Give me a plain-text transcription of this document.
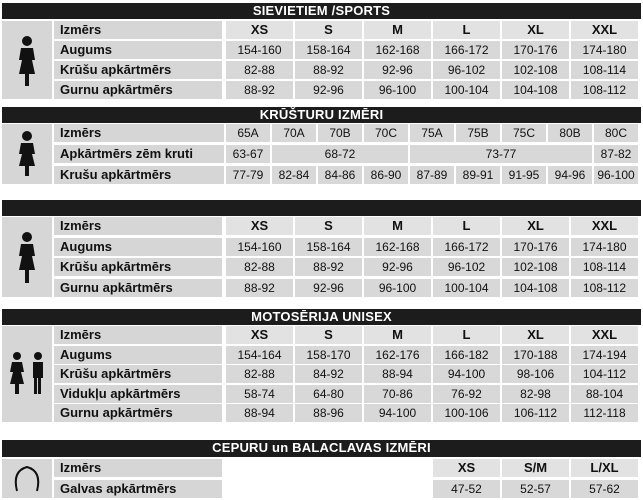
SIEVIETIEM /SPORTS
Izmērs	XS	S	M	L	XL	XXL
Augums	154-160	158-164	162-168	166-172	170-176	174-180
Krūšu apkārtmērs	82-88	88-92	92-96	96-102	102-108	108-114
Gurnu apkārtmērs	88-92	92-96	96-100	100-104	104-108	108-112
KRŪŠTURU IZMĒRI
Izmērs	65A	70A	70B	70C	75A	75B	75C	80B	80C
Apkārtmērs zēm kruti	63-67	68-72	73-77	87-82
Krušu apkārtmērs	77-79	82-84	84-86	86-90	87-89	89-91	91-95	94-96 96-100
Izmērs	XS	S	M	L	XL	XXL
Augums	154-160	158-164	162-168	166-172	170-176	174-180
Krūšu apkārtmērs	82-88	88-92	92-96	96-102	102-108	108-114
Gurnu apkārtmērs	88-92	92-96	96-100	100-104	104-108	108-112
MOTOSĒRIJA UNISEX
Izmērs	XS	S	M	L	XL	XXL
Augums	154-164	158-170	162-176	166-182	170-188	174-194
Krūšu apkārtmērs	82-88	84-92	88-94	94-100	98-106	104-112
Vidukļu apkārtmērs	58-74	64-80	70-86	76-92	82-98	88-104
Gurnu apkārtmērs	88-94	88-96	94-100	100-106	106-112	112-118
CEPURU un BALACLAVAS IZMĒRI
Izmērs	XS	S/M	L/XL
Galvas apkārtmērs	47-52	52-57	57-62
